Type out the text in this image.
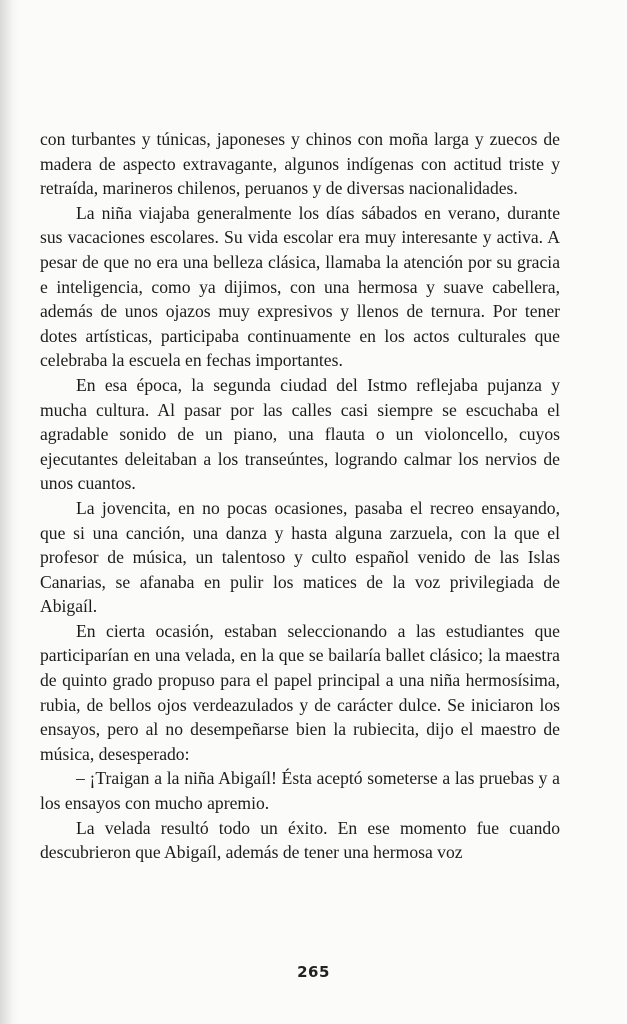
con turbantes y túnicas, japoneses y chinos con moña larga y zuecos de madera de aspecto extravagante, algunos indígenas con actitud triste y retraída, marineros chilenos, peruanos y de diversas nacionalidades.

La niña viajaba generalmente los días sábados en verano, durante sus vacaciones escolares. Su vida escolar era muy interesante y activa. A pesar de que no era una belleza clásica, llamaba la atención por su gracia e inteligencia, como ya dijimos, con una hermosa y suave cabellera, además de unos ojazos muy expresivos y llenos de ternura. Por tener dotes artísticas, participaba continuamente en los actos culturales que celebraba la escuela en fechas importantes.

En esa época, la segunda ciudad del Istmo reflejaba pujanza y mucha cultura. Al pasar por las calles casi siempre se escuchaba el agradable sonido de un piano, una flauta o un violoncello, cuyos ejecutantes deleitaban a los transeúntes, logrando calmar los nervios de unos cuantos.

La jovencita, en no pocas ocasiones, pasaba el recreo ensayando, que si una canción, una danza y hasta alguna zarzuela, con la que el profesor de música, un talentoso y culto español venido de las Islas Canarias, se afanaba en pulir los matices de la voz privilegiada de Abigaíl.

En cierta ocasión, estaban seleccionando a las estudiantes que participarían en una velada, en la que se bailaría ballet clásico; la maestra de quinto grado propuso para el papel principal a una niña hermosísima, rubia, de bellos ojos verdeazulados y de carácter dulce. Se iniciaron los ensayos, pero al no desempeñarse bien la rubiecita, dijo el maestro de música, desesperado:

– ¡Traigan a la niña Abigaíl! Ésta aceptó someterse a las pruebas y a los ensayos con mucho apremio.

La velada resultó todo un éxito. En ese momento fue cuando descubrieron que Abigaíl, además de tener una hermosa voz

265
